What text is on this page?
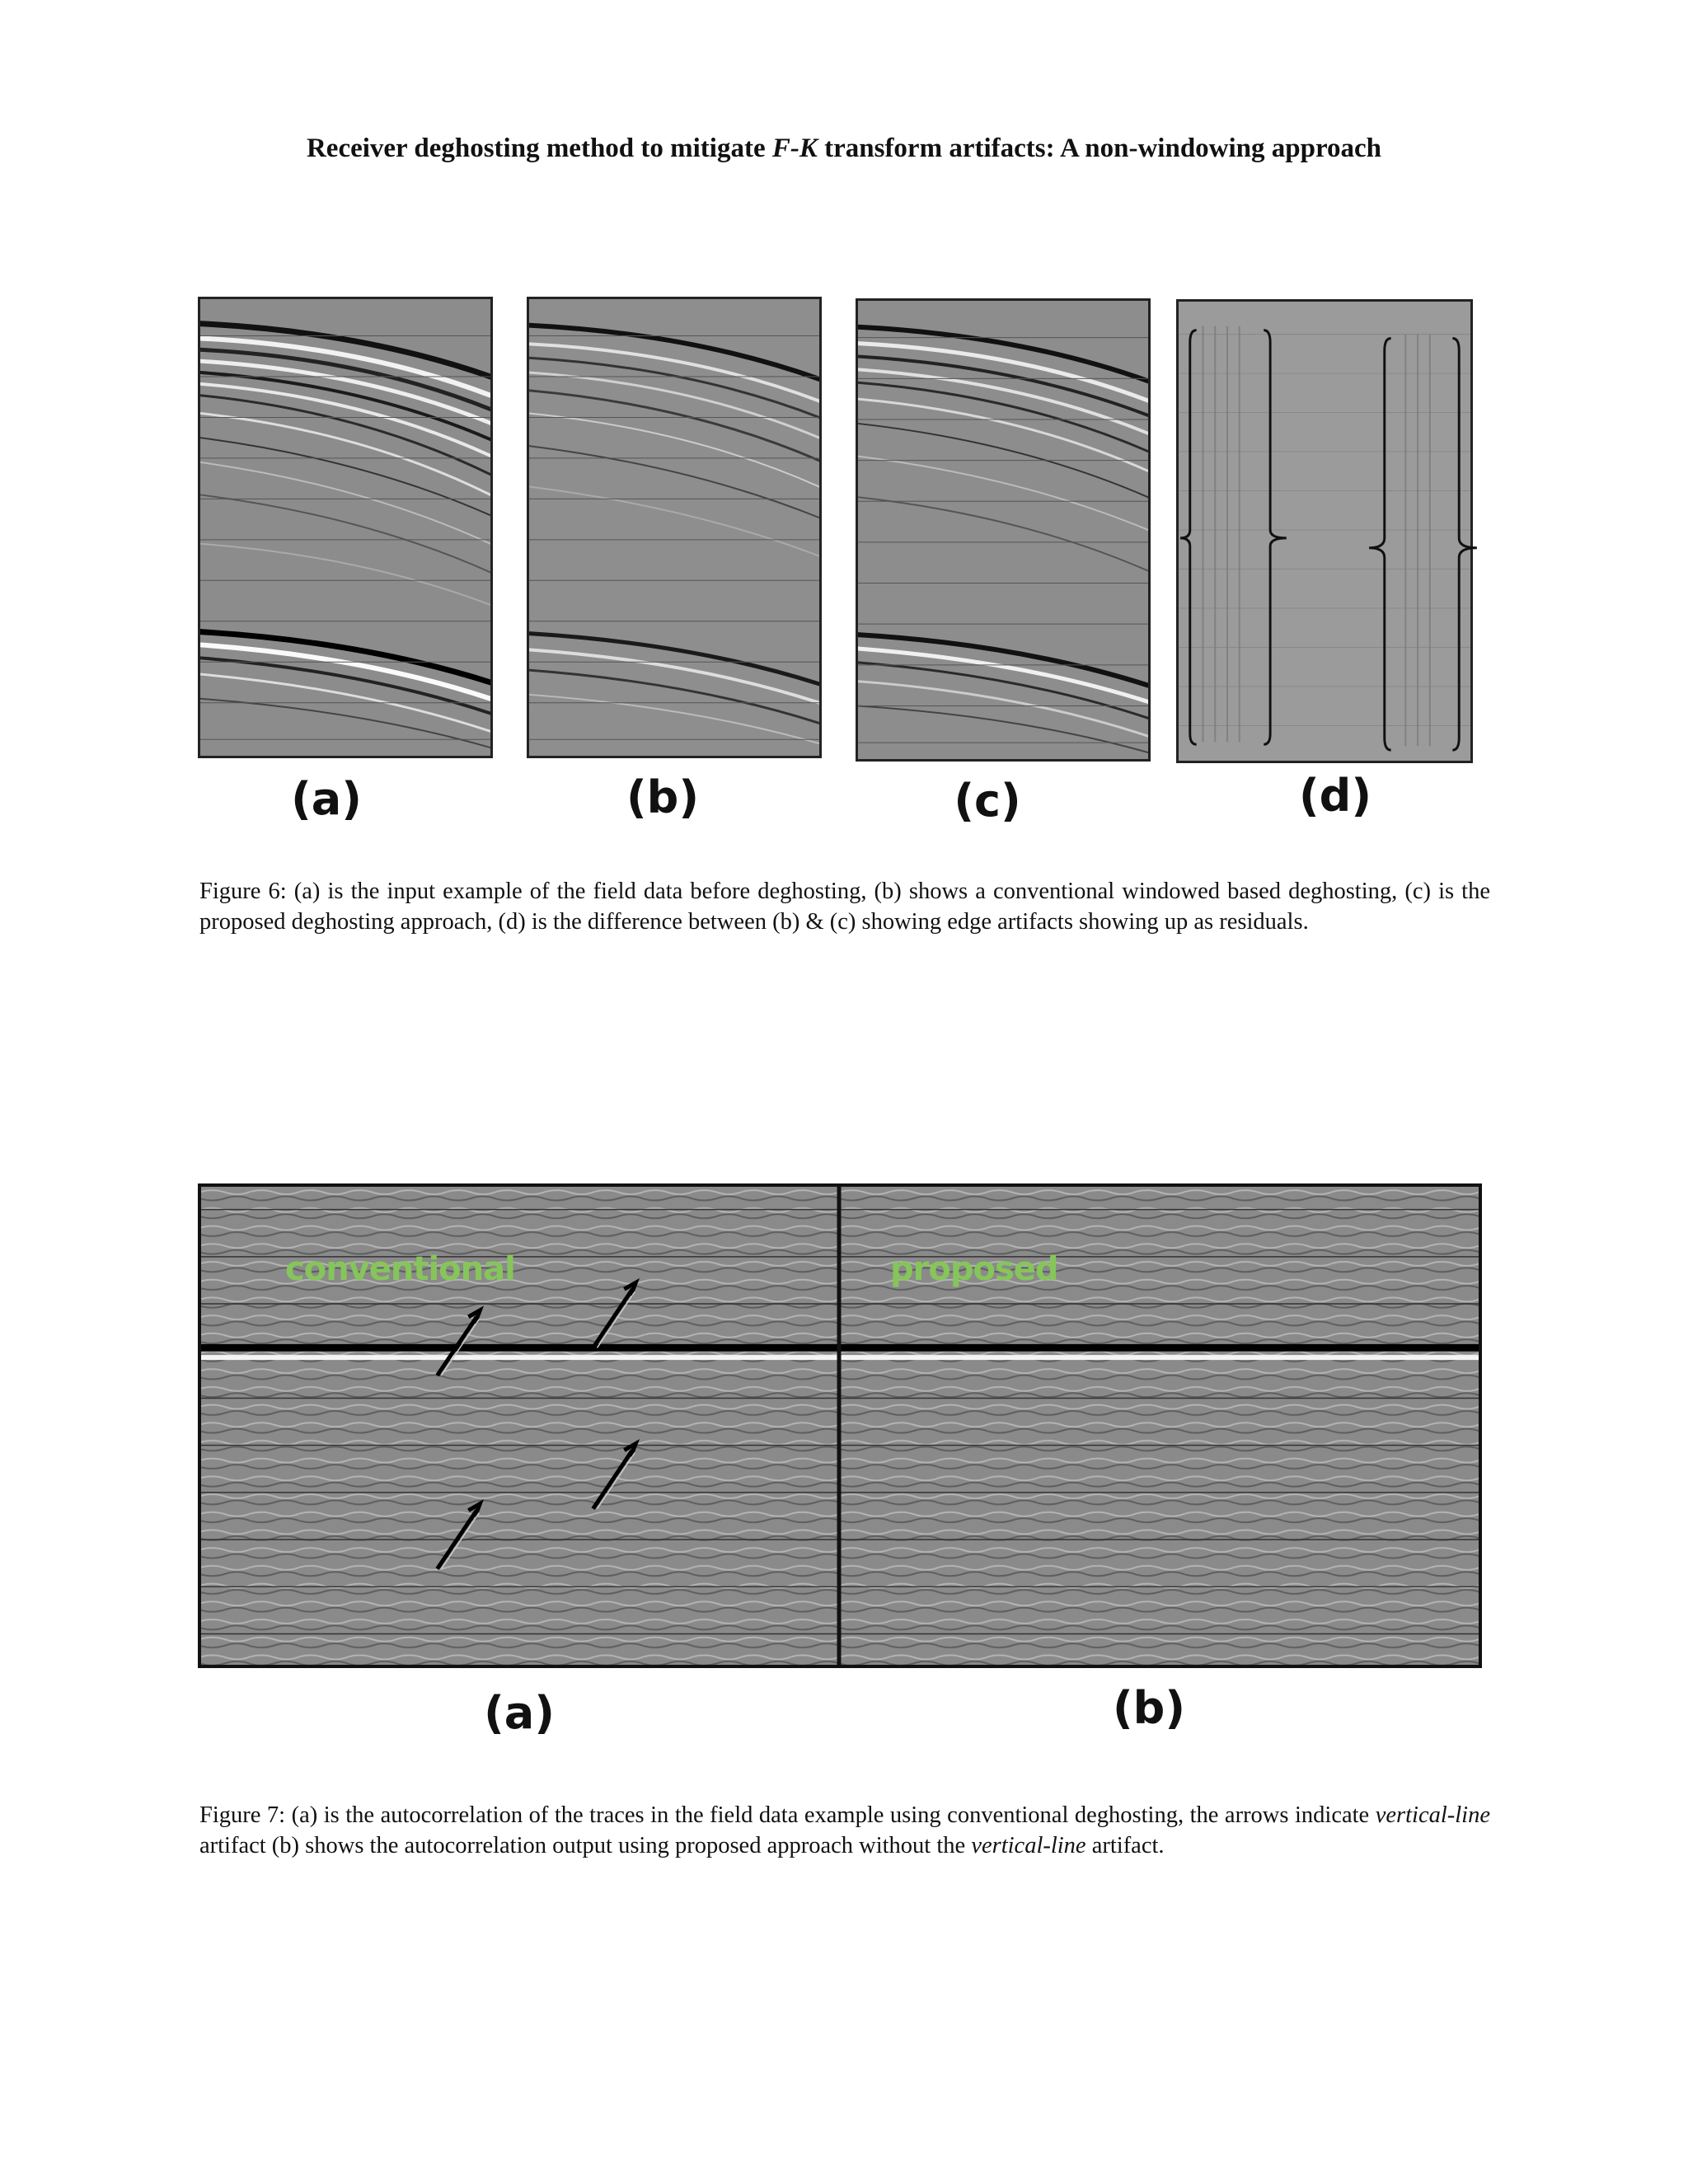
Receiver deghosting method to mitigate F-K transform artifacts: A non-windowing approach
(a)	(b)	(c)	(d)
Figure 6: (a) is the input example of the field data before deghosting, (b) shows a conventional windowed based deghosting, (c) is the proposed deghosting approach, (d) is the difference between (b) & (c) showing edge artifacts showing up as residuals.
conventional	proposed
(a)	(b)
Figure 7: (a) is the autocorrelation of the traces in the field data example using conventional deghosting, the arrows indicate vertical-line artifact (b) shows the autocorrelation output using proposed approach without the vertical-line artifact.
